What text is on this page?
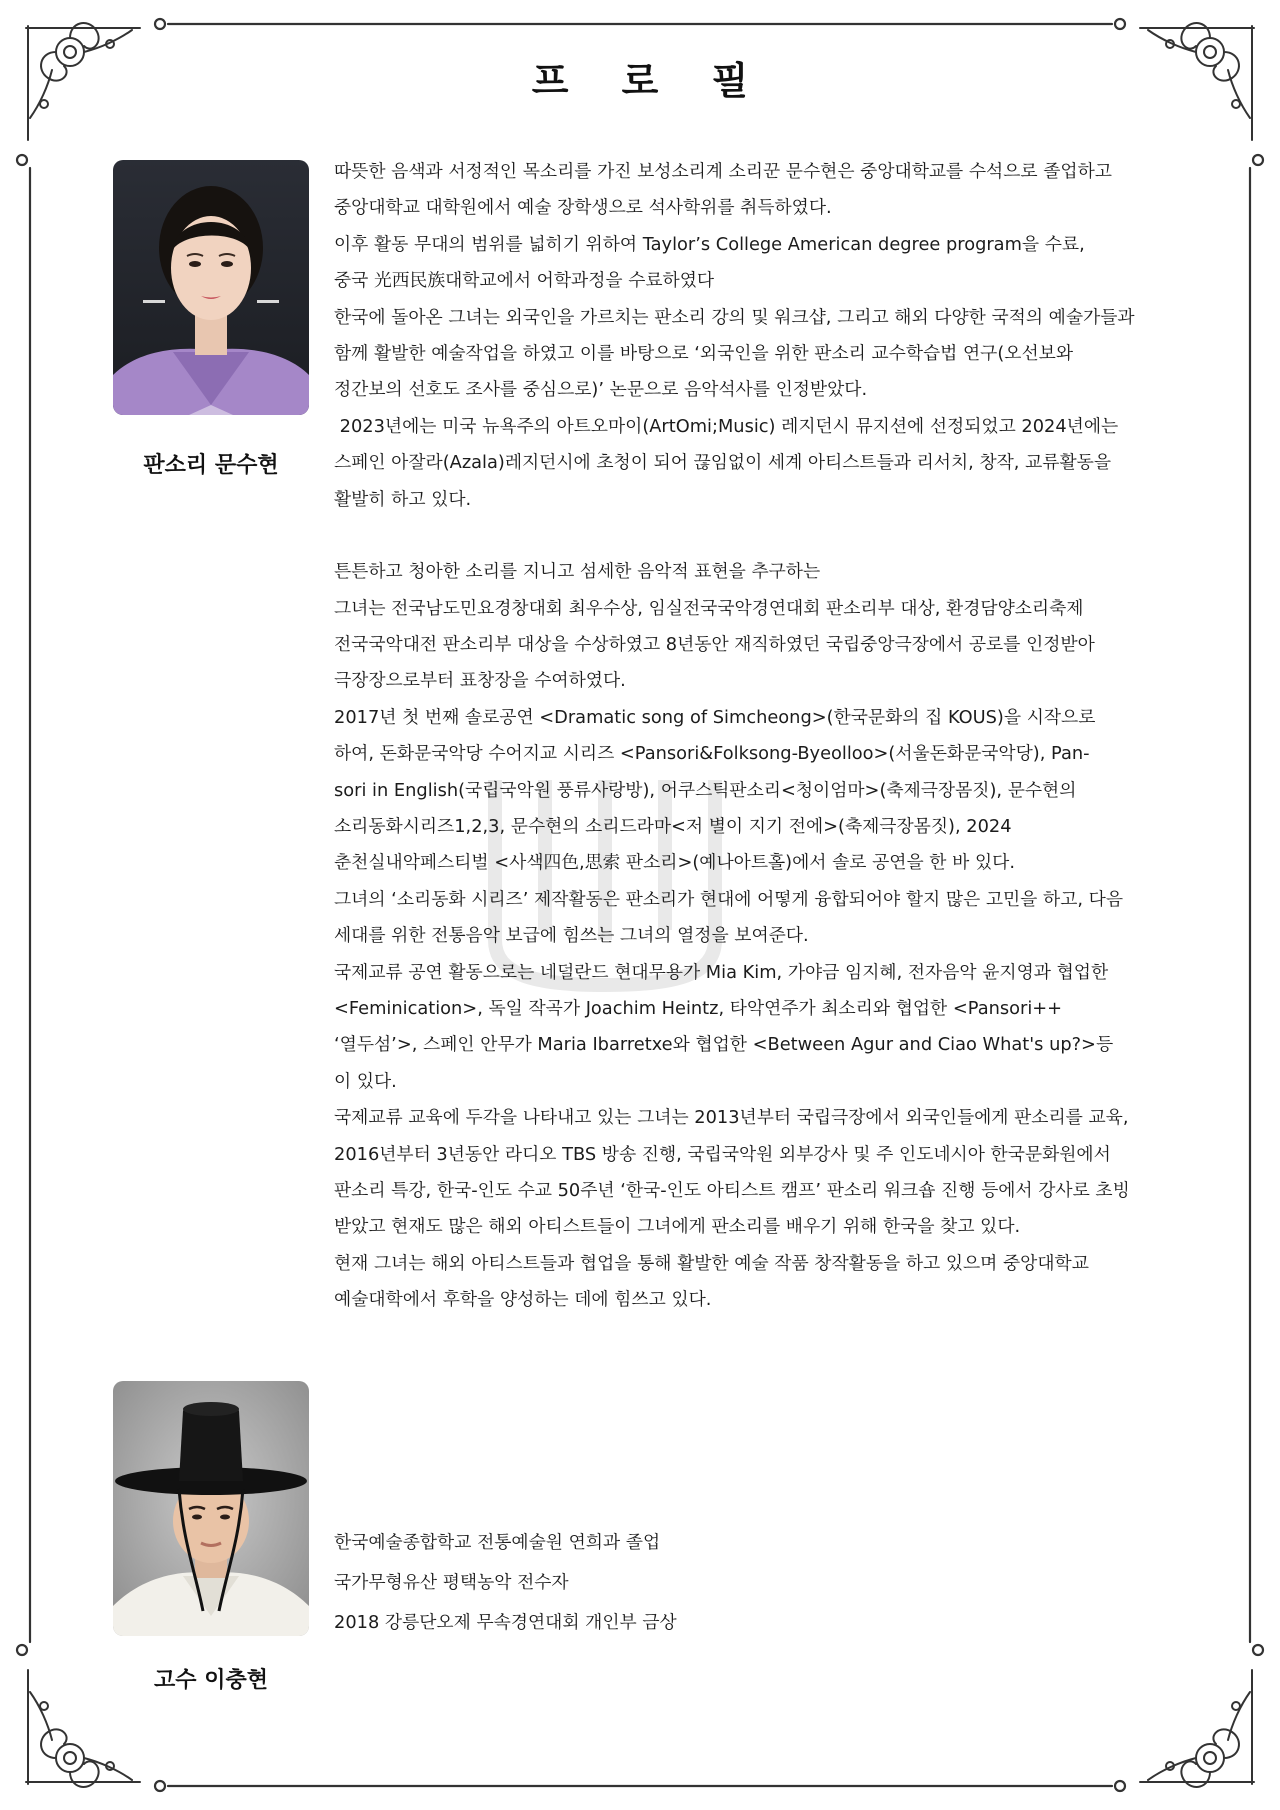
프 로 필
판소리 문수현
따뜻한 음색과 서정적인 목소리를 가진 보성소리계 소리꾼 문수현은 중앙대학교를 수석으로 졸업하고
중앙대학교 대학원에서 예술 장학생으로 석사학위를 취득하였다.
이후 활동 무대의 범위를 넓히기 위하여 Taylor’s College American degree program을 수료,
중국 光西民族대학교에서 어학과정을 수료하였다
한국에 돌아온 그녀는 외국인을 가르치는 판소리 강의 및 워크샵, 그리고 해외 다양한 국적의 예술가들과
함께 활발한 예술작업을 하였고 이를 바탕으로 ‘외국인을 위한 판소리 교수학습법 연구(오선보와
정간보의 선호도 조사를 중심으로)’ 논문으로 음악석사를 인정받았다.
2023년에는 미국 뉴욕주의 아트오마이(ArtOmi;Music) 레지던시 뮤지션에 선정되었고 2024년에는
스페인 아잘라(Azala)레지던시에 초청이 되어 끊임없이 세계 아티스트들과 리서치, 창작, 교류활동을
활발히 하고 있다.
튼튼하고 청아한 소리를 지니고 섬세한 음악적 표현을 추구하는
그녀는 전국남도민요경창대회 최우수상, 임실전국국악경연대회 판소리부 대상, 환경담양소리축제
전국국악대전 판소리부 대상을 수상하였고 8년동안 재직하였던 국립중앙극장에서 공로를 인정받아
극장장으로부터 표창장을 수여하였다.
2017년 첫 번째 솔로공연 <Dramatic song of Simcheong>(한국문화의 집 KOUS)을 시작으로
하여, 돈화문국악당 수어지교 시리즈 <Pansori&Folksong-Byeolloo>(서울돈화문국악당), Pan-
sori in English(국립국악원 풍류사랑방), 어쿠스틱판소리<청이엄마>(축제극장몸짓), 문수현의
소리동화시리즈1,2,3, 문수현의 소리드라마<저 별이 지기 전에>(축제극장몸짓), 2024
춘천실내악페스티벌 <사색四色,思索 판소리>(예나아트홀)에서 솔로 공연을 한 바 있다.
그녀의 ‘소리동화 시리즈’ 제작활동은 판소리가 현대에 어떻게 융합되어야 할지 많은 고민을 하고, 다음
세대를 위한 전통음악 보급에 힘쓰는 그녀의 열정을 보여준다.
국제교류 공연 활동으로는 네덜란드 현대무용가 Mia Kim, 가야금 임지혜, 전자음악 윤지영과 협업한
<Feminication>, 독일 작곡가 Joachim Heintz, 타악연주가 최소리와 협업한 <Pansori++
‘열두섬’>, 스페인 안무가 Maria Ibarretxe와 협업한 <Between Agur and Ciao What's up?>등
이 있다.
국제교류 교육에 두각을 나타내고 있는 그녀는 2013년부터 국립극장에서 외국인들에게 판소리를 교육,
2016년부터 3년동안 라디오 TBS 방송 진행, 국립국악원 외부강사 및 주 인도네시아 한국문화원에서
판소리 특강, 한국-인도 수교 50주년 ‘한국-인도 아티스트 캠프’ 판소리 워크숍 진행 등에서 강사로 초빙
받았고 현재도 많은 해외 아티스트들이 그녀에게 판소리를 배우기 위해 한국을 찾고 있다.
현재 그녀는 해외 아티스트들과 협업을 통해 활발한 예술 작품 창작활동을 하고 있으며 중앙대학교
예술대학에서 후학을 양성하는 데에 힘쓰고 있다.
고수 이충현
한국예술종합학교 전통예술원 연희과 졸업
국가무형유산 평택농악 전수자
2018 강릉단오제 무속경연대회 개인부 금상
